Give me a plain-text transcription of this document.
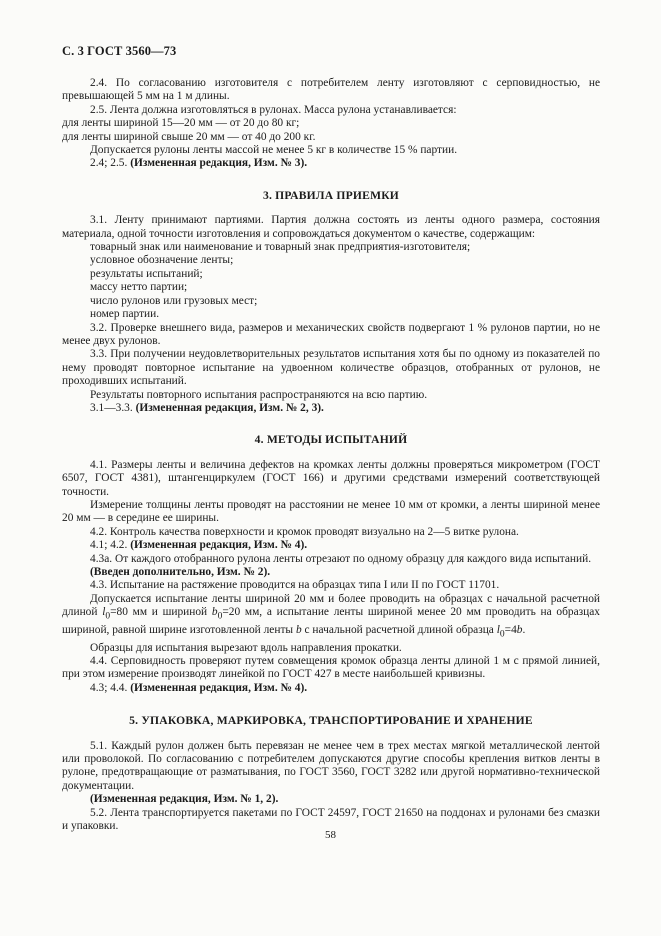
С. 3 ГОСТ 3560—73

2.4. По согласованию изготовителя с потребителем ленту изготовляют с серповидностью, не превышающей 5 мм на 1 м длины.

2.5. Лента должна изготовляться в рулонах. Масса рулона устанавливается:

для ленты шириной 15—20 мм — от 20 до 80 кг;

для ленты шириной свыше 20 мм — от 40 до 200 кг.

Допускается рулоны ленты массой не менее 5 кг в количестве 15 % партии.

2.4; 2.5. (Измененная редакция, Изм. № 3).

3. ПРАВИЛА ПРИЕМКИ

3.1. Ленту принимают партиями. Партия должна состоять из ленты одного размера, состояния материала, одной точности изготовления и сопровождаться документом о качестве, содержащим:

товарный знак или наименование и товарный знак предприятия-изготовителя;

условное обозначение ленты;

результаты испытаний;

массу нетто партии;

число рулонов или грузовых мест;

номер партии.

3.2. Проверке внешнего вида, размеров и механических свойств подвергают 1 % рулонов партии, но не менее двух рулонов.

3.3. При получении неудовлетворительных результатов испытания хотя бы по одному из показателей по нему проводят повторное испытание на удвоенном количестве образцов, отобранных от рулонов, не проходивших испытаний.

Результаты повторного испытания распространяются на всю партию.

3.1—3.3. (Измененная редакция, Изм. № 2, 3).

4. МЕТОДЫ ИСПЫТАНИЙ

4.1. Размеры ленты и величина дефектов на кромках ленты должны проверяться микрометром (ГОСТ 6507, ГОСТ 4381), штангенциркулем (ГОСТ 166) и другими средствами измерений соответствующей точности.

Измерение толщины ленты проводят на расстоянии не менее 10 мм от кромки, а ленты шириной менее 20 мм — в середине ее ширины.

4.2. Контроль качества поверхности и кромок проводят визуально на 2—5 витке рулона.

4.1; 4.2. (Измененная редакция, Изм. № 4).

4.3а. От каждого отобранного рулона ленты отрезают по одному образцу для каждого вида испытаний.

(Введен дополнительно, Изм. № 2).

4.3. Испытание на растяжение проводится на образцах типа I или II по ГОСТ 11701.

Допускается испытание ленты шириной 20 мм и более проводить на образцах с начальной расчетной длиной $l_0=80$ мм и шириной $b_0=20$ мм, а испытание ленты шириной менее 20 мм проводить на образцах шириной, равной ширине изготовленной ленты b с начальной расчетной длиной образца $l_0=4b$.

Образцы для испытания вырезают вдоль направления прокатки.

4.4. Серповидность проверяют путем совмещения кромок образца ленты длиной 1 м с прямой линией, при этом измерение производят линейкой по ГОСТ 427 в месте наибольшей кривизны.

4.3; 4.4. (Измененная редакция, Изм. № 4).

5. УПАКОВКА, МАРКИРОВКА, ТРАНСПОРТИРОВАНИЕ И ХРАНЕНИЕ

5.1. Каждый рулон должен быть перевязан не менее чем в трех местах мягкой металлической лентой или проволокой. По согласованию с потребителем допускаются другие способы крепления витков ленты в рулоне, предотвращающие от разматывания, по ГОСТ 3560, ГОСТ 3282 или другой нормативно-технической документации.

(Измененная редакция, Изм. № 1, 2).

5.2. Лента транспортируется пакетами по ГОСТ 24597, ГОСТ 21650 на поддонах и рулонами без смазки и упаковки.

58
